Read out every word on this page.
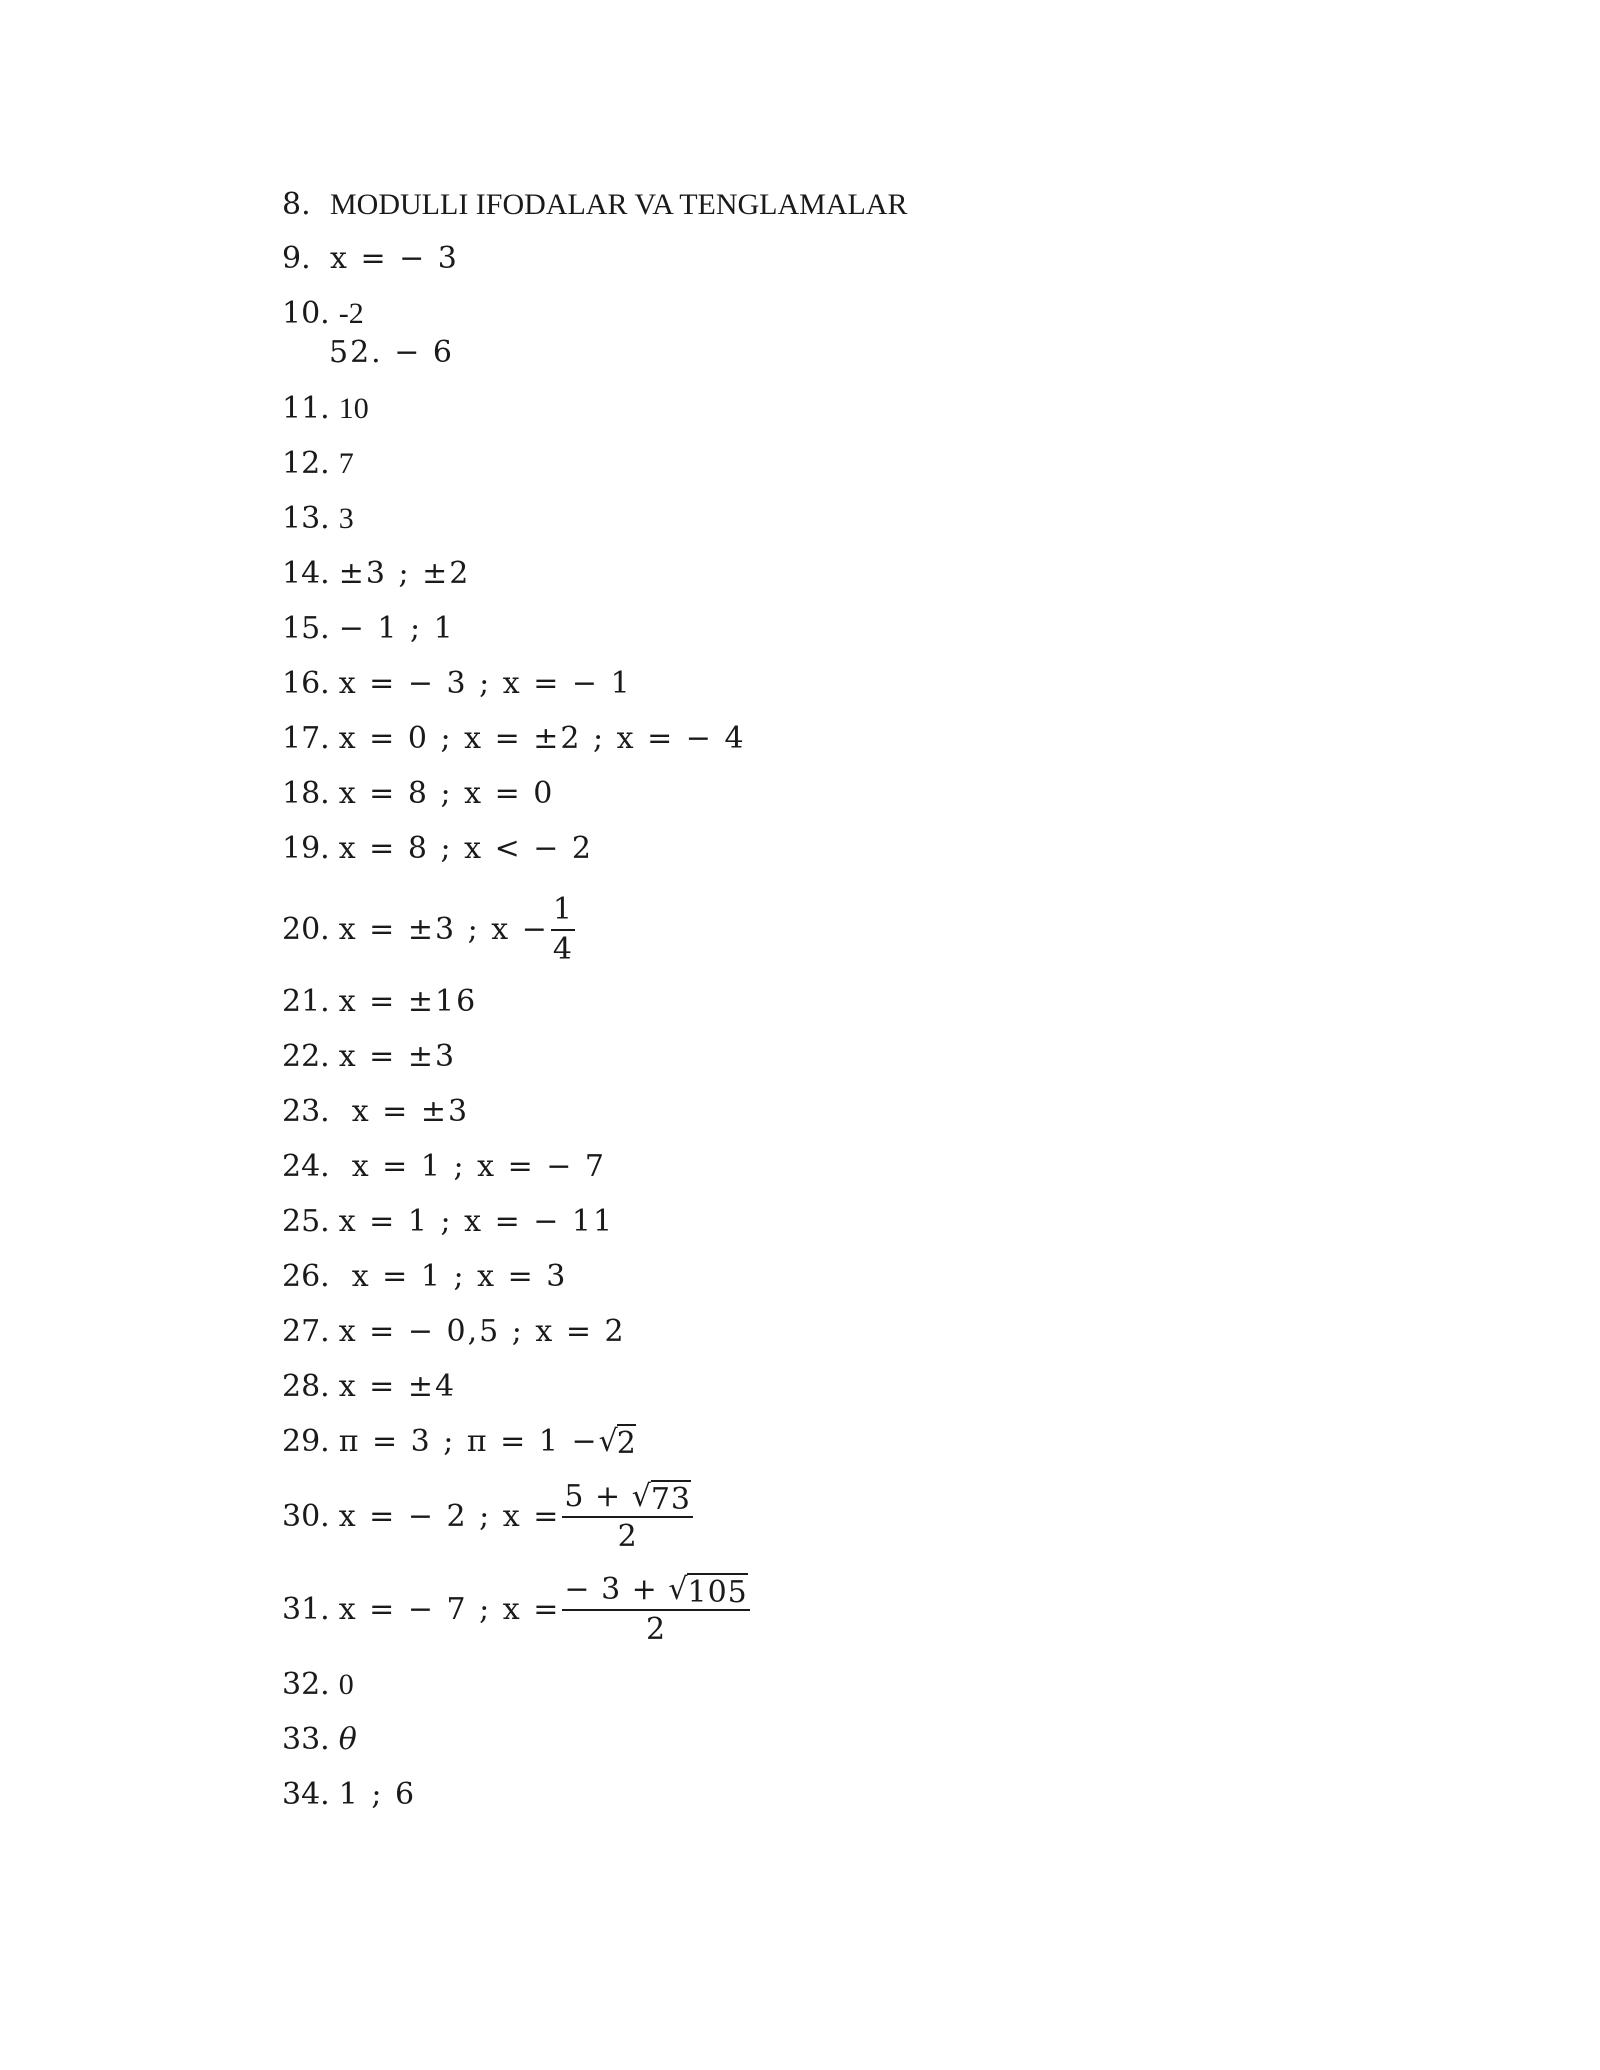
8. MODULLI IFODALAR VA TENGLAMALAR
9. x = − 3
10. -2
52. − 6
11. 10
12. 7
13. 3
14. ±3 ; ±2
15. − 1 ; 1
16. x = − 3 ; x = − 1
17. x = 0 ; x = ±2 ; x = − 4
18. x = 8 ; x = 0
19. x = 8 ; x < − 2
20. x = ±3 ; $x - \frac{1}{4}$
21. x = ±16
22. x = ±3
23. x = ±3
24. x = 1 ; x = − 7
25. x = 1 ; x = − 11
26. x = 1 ; x = 3
27. x = − 0,5 ; x = 2
28. x = ±4
29. π = 3 ; π = 1 − √ 2
30. x = − 2 ; $x = \frac{5 + √ 73}{2}$
31. x = − 7 ; $x = \frac{- 3 + √ 105}{2}$
32. 0
33. θ
34. 1 ; 6
